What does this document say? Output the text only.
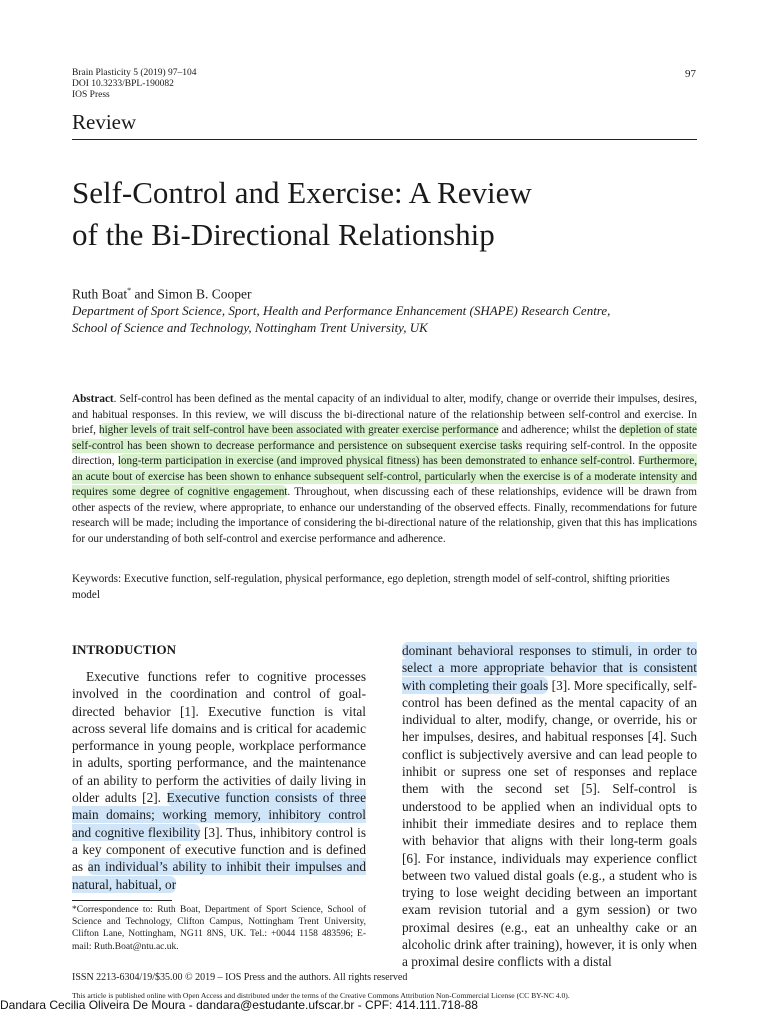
Brain Plasticity 5 (2019) 97–104
DOI 10.3233/BPL-190082
IOS Press
97
Review
Self-Control and Exercise: A Review
of the Bi-Directional Relationship
Ruth Boat* and Simon B. Cooper
Department of Sport Science, Sport, Health and Performance Enhancement (SHAPE) Research Centre,
School of Science and Technology, Nottingham Trent University, UK
Abstract. Self-control has been defined as the mental capacity of an individual to alter, modify, change or override their impulses, desires, and habitual responses. In this review, we will discuss the bi-directional nature of the relationship between self-control and exercise. In brief, higher levels of trait self-control have been associated with greater exercise performance and adherence; whilst the depletion of state self-control has been shown to decrease performance and persistence on subsequent exercise tasks requiring self-control. In the opposite direction, long-term participation in exercise (and improved physical fitness) has been demonstrated to enhance self-control. Furthermore, an acute bout of exercise has been shown to enhance subsequent self-control, particularly when the exercise is of a moderate intensity and requires some degree of cognitive engagement. Throughout, when discussing each of these relationships, evidence will be drawn from other aspects of the review, where appropriate, to enhance our understanding of the observed effects. Finally, recommendations for future research will be made; including the importance of considering the bi-directional nature of the relationship, given that this has implications for our understanding of both self-control and exercise performance and adherence.
Keywords: Executive function, self-regulation, physical performance, ego depletion, strength model of self-control, shifting priorities model
INTRODUCTION

Executive functions refer to cognitive processes involved in the coordination and control of goal-directed behavior [1]. Executive function is vital across several life domains and is critical for academic performance in young people, workplace performance in adults, sporting performance, and the maintenance of an ability to perform the activities of daily living in older adults [2]. Executive function consists of three main domains; working memory, inhibitory control and cognitive flexibility [3]. Thus, inhibitory control is a key component of executive function and is defined as an individual’s ability to inhibit their impulses and natural, habitual, or

dominant behavioral responses to stimuli, in order to select a more appropriate behavior that is consistent with completing their goals [3]. More specifically, self-control has been defined as the mental capacity of an individual to alter, modify, change, or override, his or her impulses, desires, and habitual responses [4]. Such conflict is subjectively aversive and can lead people to inhibit or supress one set of responses and replace them with the second set [5]. Self-control is understood to be applied when an individual opts to inhibit their immediate desires and to replace them with behavior that aligns with their long-term goals [6]. For instance, individuals may experience conflict between two valued distal goals (e.g., a student who is trying to lose weight deciding between an important exam revision tutorial and a gym session) or two proximal desires (e.g., eat an unhealthy cake or an alcoholic drink after training), however, it is only when a proximal desire conflicts with a distal

*Correspondence to: Ruth Boat, Department of Sport Science, School of Science and Technology, Clifton Campus, Nottingham Trent University, Clifton Lane, Nottingham, NG11 8NS, UK. Tel.: +0044 1158 483596; E-mail: Ruth.Boat@ntu.ac.uk.
ISSN 2213-6304/19/$35.00 © 2019 – IOS Press and the authors. All rights reserved
This article is published online with Open Access and distributed under the terms of the Creative Commons Attribution Non-Commercial License (CC BY-NC 4.0).
Dandara Cecilia Oliveira De Moura - dandara@estudante.ufscar.br - CPF: 414.111.718-88
